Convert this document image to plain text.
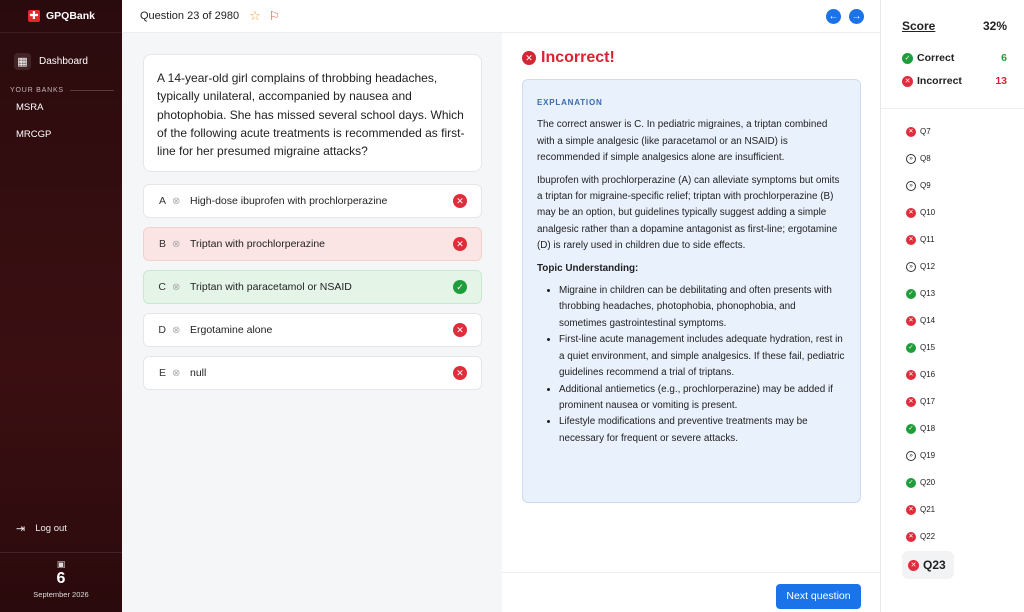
✚ GPQBank
▦	Dashboard
YOUR BANKS
MSRA
MRCGP
⇥ Log out
▣
6
September 2026
Question 23 of 2980 ☆ ⚐	← →
A 14-year-old girl complains of throbbing headaches, typically unilateral, accompanied by nausea and photophobia. She has missed several school days. Which of the following acute treatments is recommended as first-line for her presumed migraine attacks?
A ⊗ High-dose ibuprofen with prochlorperazine	✕
B ⊗ Triptan with prochlorperazine	✕
C ⊗ Triptan with paracetamol or NSAID	✓
D ⊗ Ergotamine alone	✕
E ⊗ null	✕
✕ Incorrect!
EXPLANATION

The correct answer is C. In pediatric migraines, a triptan combined with a simple analgesic (like paracetamol or an NSAID) is recommended if simple analgesics alone are insufficient.

Ibuprofen with prochlorperazine (A) can alleviate symptoms but omits a triptan for migraine-specific relief; triptan with prochlorperazine (B) may be an option, but guidelines typically suggest adding a simple analgesic rather than a dopamine antagonist as first-line; ergotamine (D) is rarely used in children due to side effects.

Topic Understanding:
• Migraine in children can be debilitating and often presents with throbbing headaches, photophobia, phonophobia, and sometimes gastrointestinal symptoms.
• First-line acute management includes adequate hydration, rest in a quiet environment, and simple analgesics. If these fail, pediatric guidelines recommend a trial of triptans.
• Additional antiemetics (e.g., prochlorperazine) may be added if prominent nausea or vomiting is present.
• Lifestyle modifications and preventive treatments may be necessary for frequent or severe attacks.
Next question
Score	32%
✓ Correct	6
✕ Incorrect	13
✕ Q7
» Q8
» Q9
✕ Q10
✕ Q11
» Q12
✓ Q13
✕ Q14
✓ Q15
✕ Q16
✕ Q17
✓ Q18
» Q19
✓ Q20
✕ Q21
✕ Q22
✕ Q23
